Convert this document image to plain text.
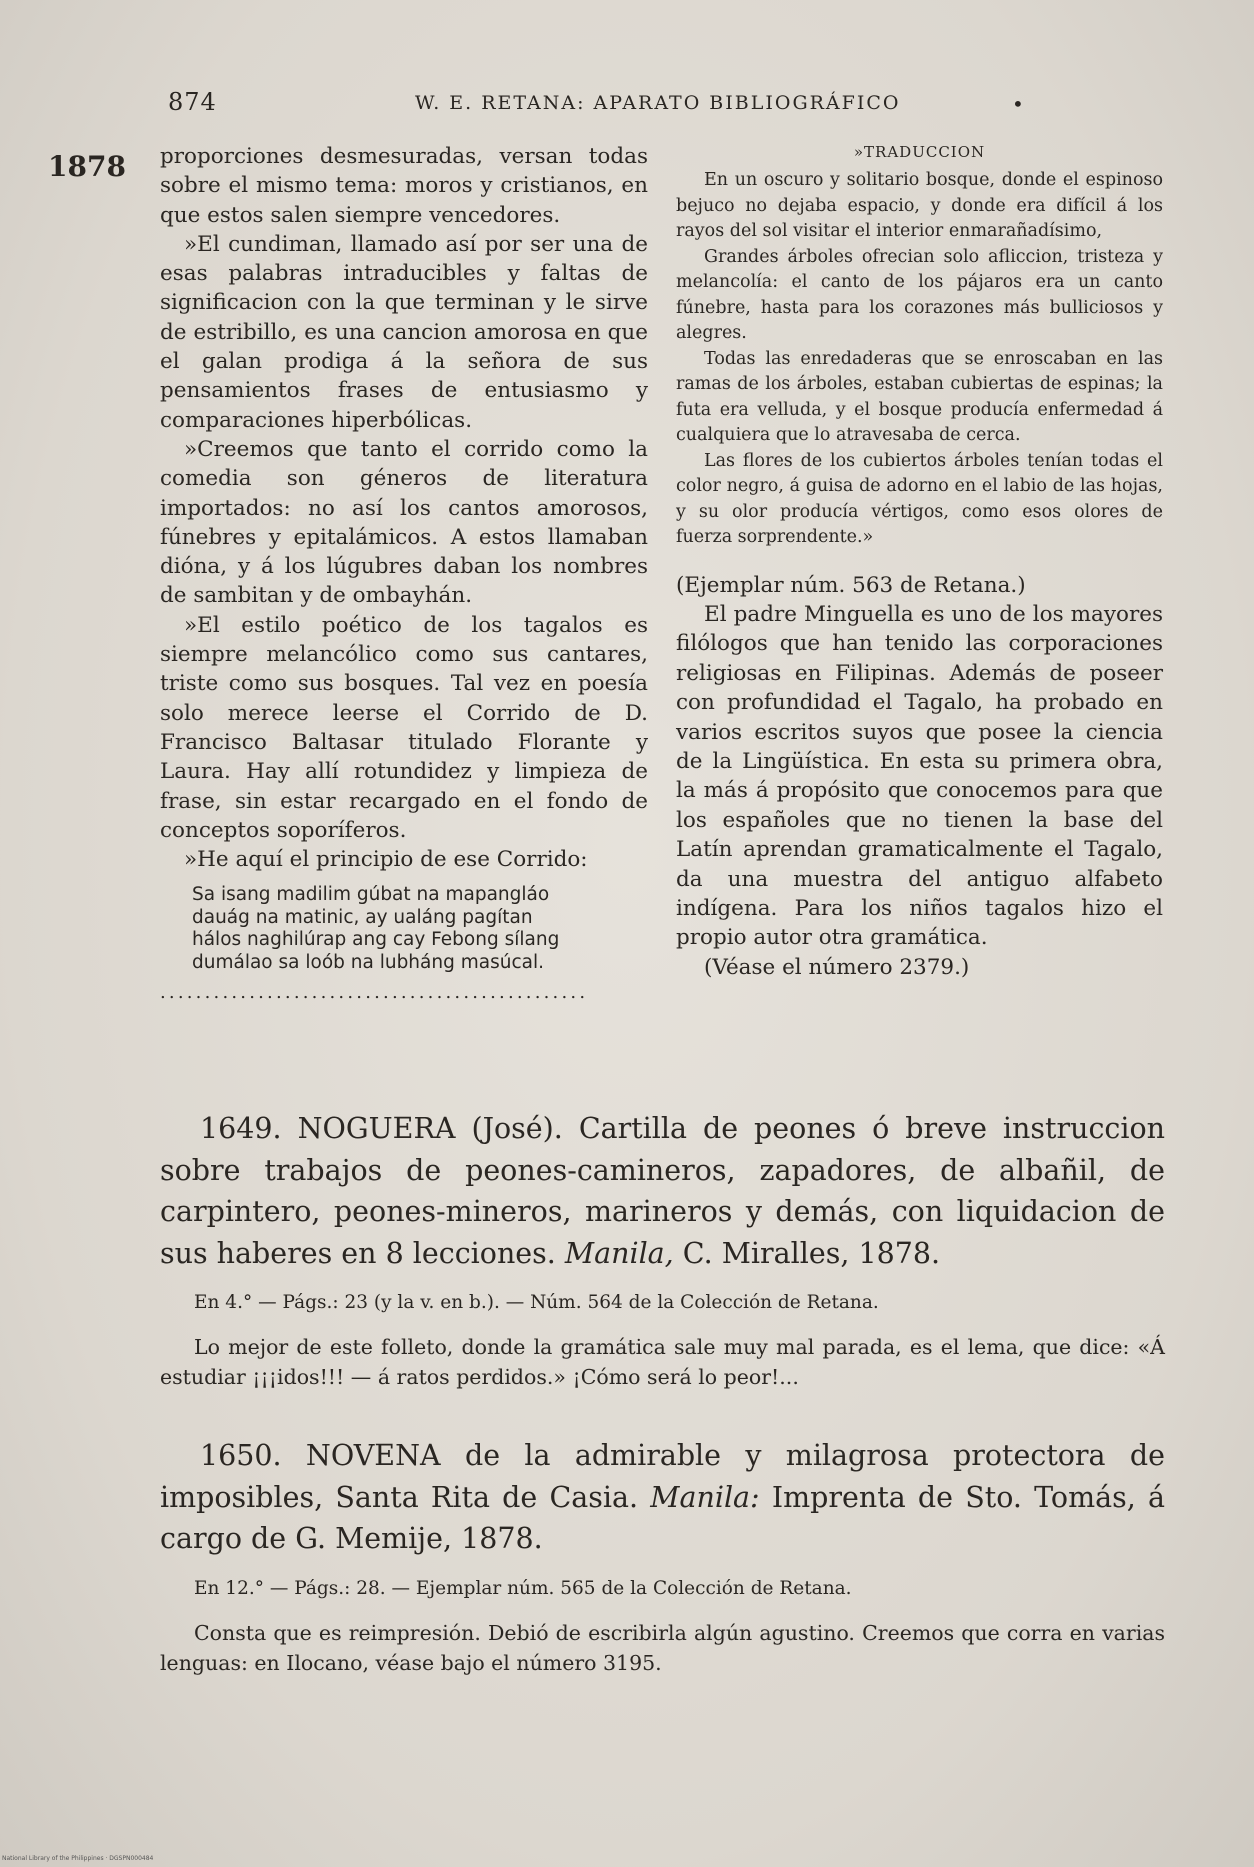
874	W. E. RETANA: APARATO BIBLIOGRÁFICO	•
1878 proporciones desmesuradas, versan todas sobre el mismo tema: moros y cristianos, en que estos salen siempre vencedores.

»El cundiman, llamado así por ser una de esas palabras intraducibles y faltas de significacion con la que terminan y le sirve de estribillo, es una cancion amorosa en que el galan prodiga á la señora de sus pensamientos frases de entusiasmo y comparaciones hiperbólicas.

»Creemos que tanto el corrido como la comedia son géneros de literatura importados: no así los cantos amorosos, fúnebres y epitalámicos. A estos llamaban dióna, y á los lúgubres daban los nombres de sambitan y de ombayhán.

»El estilo poético de los tagalos es siempre melancólico como sus cantares, triste como sus bosques. Tal vez en poesía solo merece leerse el Corrido de D. Francisco Baltasar titulado Florante y Laura. Hay allí rotundidez y limpieza de frase, sin estar recargado en el fondo de conceptos soporíferos.

»He aquí el principio de ese Corrido:

Sa isang madilim gúbat na mapangláo
dauág na matinic, ay ualáng pagítan
hálos naghilúrap ang cay Febong sílang
dumálao sa loób na lubháng masúcal.
................................................
»TRADUCCION

En un oscuro y solitario bosque, donde el espinoso bejuco no dejaba espacio, y donde era difícil á los rayos del sol visitar el interior enmarañadísimo,

Grandes árboles ofrecian solo afliccion, tristeza y melancolía: el canto de los pájaros era un canto fúnebre, hasta para los corazones más bulliciosos y alegres.

Todas las enredaderas que se enroscaban en las ramas de los árboles, estaban cubiertas de espinas; la futa era velluda, y el bosque producía enfermedad á cualquiera que lo atravesaba de cerca.

Las flores de los cubiertos árboles tenían todas el color negro, á guisa de adorno en el labio de las hojas, y su olor producía vértigos, como esos olores de fuerza sorprendente.»

(Ejemplar núm. 563 de Retana.)

El padre Minguella es uno de los mayores filólogos que han tenido las corporaciones religiosas en Filipinas. Además de poseer con profundidad el Tagalo, ha probado en varios escritos suyos que posee la ciencia de la Lingüística. En esta su primera obra, la más á propósito que conocemos para que los españoles que no tienen la base del Latín aprendan gramaticalmente el Tagalo, da una muestra del antiguo alfabeto indígena. Para los niños tagalos hizo el propio autor otra gramática.

(Véase el número 2379.)

1649. NOGUERA (José). Cartilla de peones ó breve instruccion sobre trabajos de peones-camineros, zapadores, de albañil, de carpintero, peones-mineros, marineros y demás, con liquidacion de sus haberes en 8 lecciones. Manila, C. Miralles, 1878.

En 4.° — Págs.: 23 (y la v. en b.). — Núm. 564 de la Colección de Retana.

Lo mejor de este folleto, donde la gramática sale muy mal parada, es el lema, que dice: «Á estudiar ¡¡¡idos!!! — á ratos perdidos.» ¡Cómo será lo peor!...

1650. NOVENA de la admirable y milagrosa protectora de imposibles, Santa Rita de Casia. Manila: Imprenta de Sto. Tomás, á cargo de G. Memije, 1878.

En 12.° — Págs.: 28. — Ejemplar núm. 565 de la Colección de Retana.

Consta que es reimpresión. Debió de escribirla algún agustino. Creemos que corra en varias lenguas: en Ilocano, véase bajo el número 3195.

National Library of the Philippines · DGSPN000484
